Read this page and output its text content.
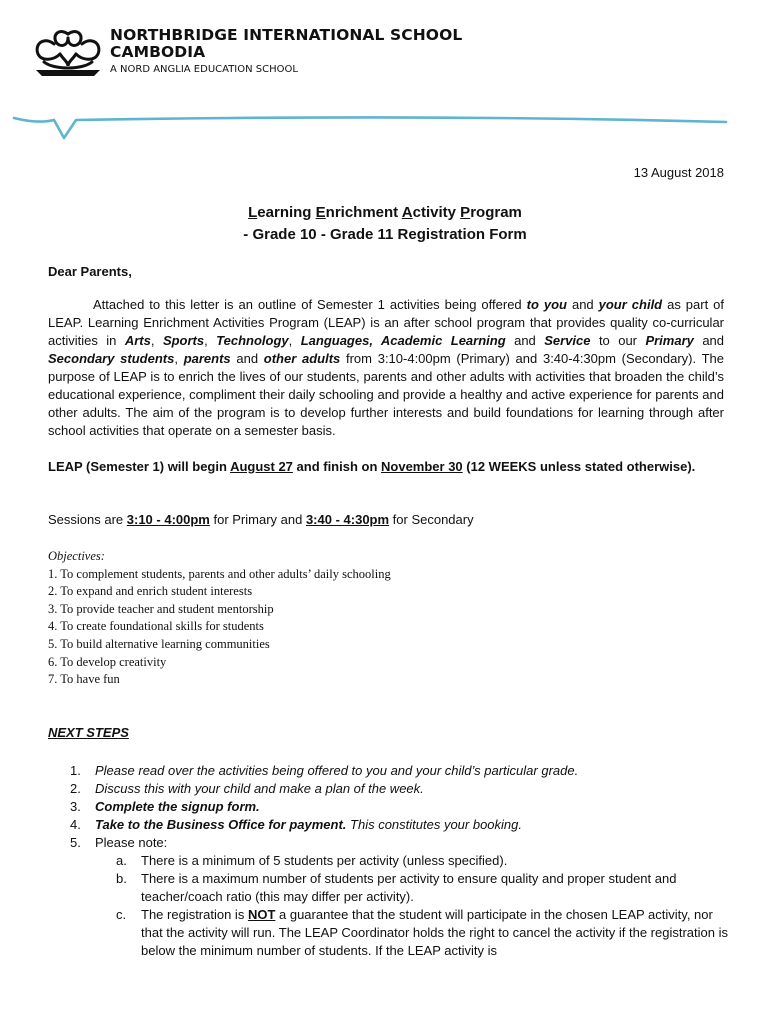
NORTHBRIDGE INTERNATIONAL SCHOOL
CAMBODIA
A NORD ANGLIA EDUCATION SCHOOL
13 August 2018
Learning Enrichment Activity Program
- Grade 10 - Grade 11 Registration Form
Dear Parents,
Attached to this letter is an outline of Semester 1 activities being offered to you and your child as part of LEAP. Learning Enrichment Activities Program (LEAP) is an after school program that provides quality co-curricular activities in Arts, Sports, Technology, Languages, Academic Learning and Service to our Primary and Secondary students, parents and other adults from 3:10-4:00pm (Primary) and 3:40-4:30pm (Secondary). The purpose of LEAP is to enrich the lives of our students, parents and other adults with activities that broaden the child’s educational experience, compliment their daily schooling and provide a healthy and active experience for parents and other adults. The aim of the program is to develop further interests and build foundations for learning through after school activities that operate on a semester basis.
LEAP (Semester 1) will begin August 27 and finish on November 30 (12 WEEKS unless stated otherwise).
Sessions are 3:10 - 4:00pm for Primary and 3:40 - 4:30pm for Secondary
Objectives:
1. To complement students, parents and other adults’ daily schooling
2. To expand and enrich student interests
3. To provide teacher and student mentorship
4. To create foundational skills for students
5. To build alternative learning communities
6. To develop creativity
7. To have fun
NEXT STEPS
1.	Please read over the activities being offered to you and your child’s particular grade.
2.	Discuss this with your child and make a plan of the week.
3.	Complete the signup form.
4.	Take to the Business Office for payment. This constitutes your booking.
5.	Please note:
a.	There is a minimum of 5 students per activity (unless specified).
b.	There is a maximum number of students per activity to ensure quality and proper student and teacher/coach ratio (this may differ per activity).
c.	The registration is NOT a guarantee that the student will participate in the chosen LEAP activity, nor that the activity will run. The LEAP Coordinator holds the right to cancel the activity if the registration is below the minimum number of students. If the LEAP activity is
